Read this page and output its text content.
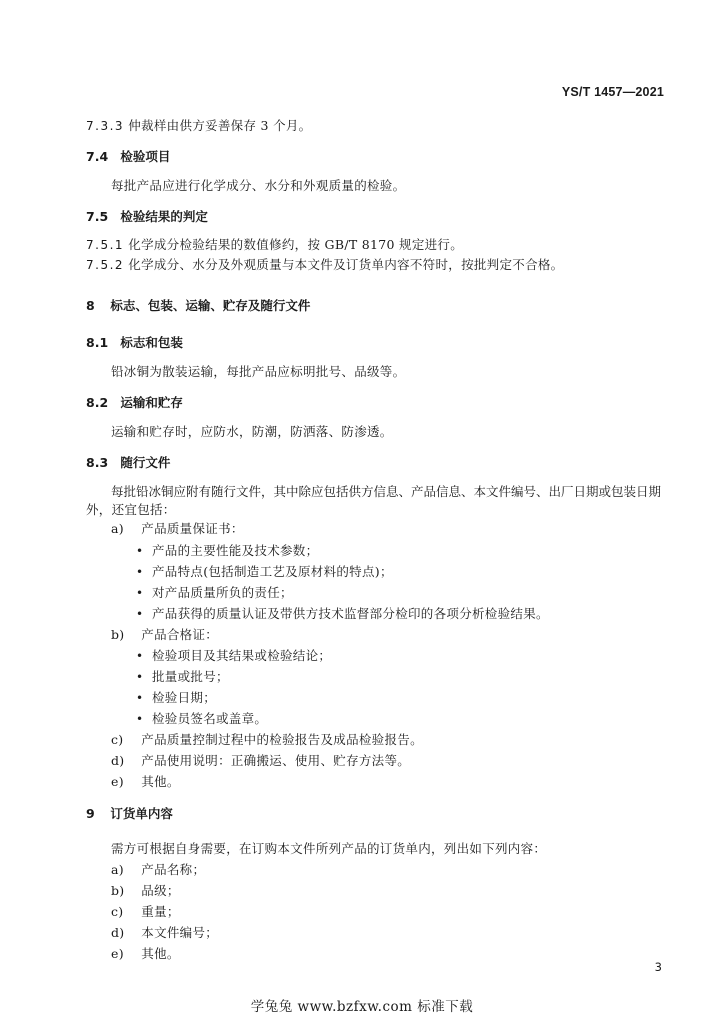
YS/T 1457—2021
7.3.3 仲裁样由供方妥善保存 3 个月。
7.4 检验项目
每批产品应进行化学成分、水分和外观质量的检验。
7.5 检验结果的判定
7.5.1 化学成分检验结果的数值修约，按 GB/T 8170 规定进行。
7.5.2 化学成分、水分及外观质量与本文件及订货单内容不符时，按批判定不合格。
8 标志、包装、运输、贮存及随行文件
8.1 标志和包装
铅冰铜为散装运输，每批产品应标明批号、品级等。
8.2 运输和贮存
运输和贮存时，应防水，防潮，防洒落、防渗透。
8.3 随行文件
每批铅冰铜应附有随行文件，其中除应包括供方信息、产品信息、本文件编号、出厂日期或包装日期
外，还宜包括：
a) 产品质量保证书：
• 产品的主要性能及技术参数；
• 产品特点(包括制造工艺及原材料的特点)；
• 对产品质量所负的责任；
• 产品获得的质量认证及带供方技术监督部分检印的各项分析检验结果。
b) 产品合格证：
• 检验项目及其结果或检验结论；
• 批量或批号；
• 检验日期；
• 检验员签名或盖章。
c) 产品质量控制过程中的检验报告及成品检验报告。
d) 产品使用说明：正确搬运、使用、贮存方法等。
e) 其他。
9 订货单内容
需方可根据自身需要，在订购本文件所列产品的订货单内，列出如下列内容：
a) 产品名称；
b) 品级；
c) 重量；
d) 本文件编号；
e) 其他。
3
学兔兔 www.bzfxw.com 标准下载
